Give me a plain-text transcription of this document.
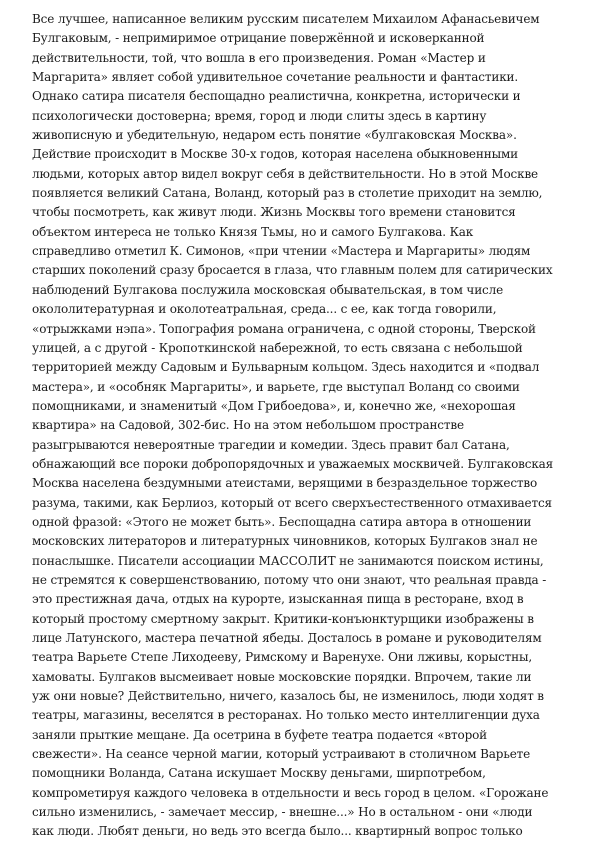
Все лучшее, написанное великим русским писателем Михаилом Афанасьевичем
Булгаковым, - непримиримое отрицание повержённой и исковерканной
действительности, той, что вошла в его произведения. Роман «Мастер и
Маргарита» являет собой удивительное сочетание реальности и фантастики.
Однако сатира писателя беспощадно реалистична, конкретна, исторически и
психологически достоверна; время, город и люди слиты здесь в картину
живописную и убедительную, недаром есть понятие «булгаковская Москва».
Действие происходит в Москве 30-х годов, которая населена обыкновенными
людьми, которых автор видел вокруг себя в действительности. Но в этой Москве
появляется великий Сатана, Воланд, который раз в столетие приходит на землю,
чтобы посмотреть, как живут люди. Жизнь Москвы того времени становится
объектом интереса не только Князя Тьмы, но и самого Булгакова. Как
справедливо отметил К. Симонов, «при чтении «Мастера и Маргариты» людям
старших поколений сразу бросается в глаза, что главным полем для сатирических
наблюдений Булгакова послужила московская обывательская, в том числе
окололитературная и околотеатральная, среда... с ее, как тогда говорили,
«отрыжками нэпа». Топография романа ограничена, с одной стороны, Тверской
улицей, а с другой - Кропоткинской набережной, то есть связана с небольшой
территорией между Садовым и Бульварным кольцом. Здесь находится и «подвал
мастера», и «особняк Маргариты», и варьете, где выступал Воланд со своими
помощниками, и знаменитый «Дом Грибоедова», и, конечно же, «нехорошая
квартира» на Садовой, 302-бис. Но на этом небольшом пространстве
разыгрываются невероятные трагедии и комедии. Здесь правит бал Сатана,
обнажающий все пороки добропорядочных и уважаемых москвичей. Булгаковская
Москва населена бездумными атеистами, верящими в безраздельное торжество
разума, такими, как Берлиоз, который от всего сверхъестественного отмахивается
одной фразой: «Этого не может быть». Беспощадна сатира автора в отношении
московских литераторов и литературных чиновников, которых Булгаков знал не
понаслышке. Писатели ассоциации МАССОЛИТ не занимаются поиском истины,
не стремятся к совершенствованию, потому что они знают, что реальная правда -
это престижная дача, отдых на курорте, изысканная пища в ресторане, вход в
который простому смертному закрыт. Критики-конъюнктурщики изображены в
лице Латунского, мастера печатной ябеды. Досталось в романе и руководителям
театра Варьете Степе Лиходееву, Римскому и Варенухе. Они лживы, корыстны,
хамоваты. Булгаков высмеивает новые московские порядки. Впрочем, такие ли
уж они новые? Действительно, ничего, казалось бы, не изменилось, люди ходят в
театры, магазины, веселятся в ресторанах. Но только место интеллигенции духа
заняли прыткие мещане. Да осетрина в буфете театра подается «второй
свежести». На сеансе черной магии, который устраивают в столичном Варьете
помощники Воланда, Сатана искушает Москву деньгами, ширпотребом,
компрометируя каждого человека в отдельности и весь город в целом. «Горожане
сильно изменились, - замечает мессир, - внешне...» Но в остальном - они «люди
как люди. Любят деньги, но ведь это всегда было... квартирный вопрос только
